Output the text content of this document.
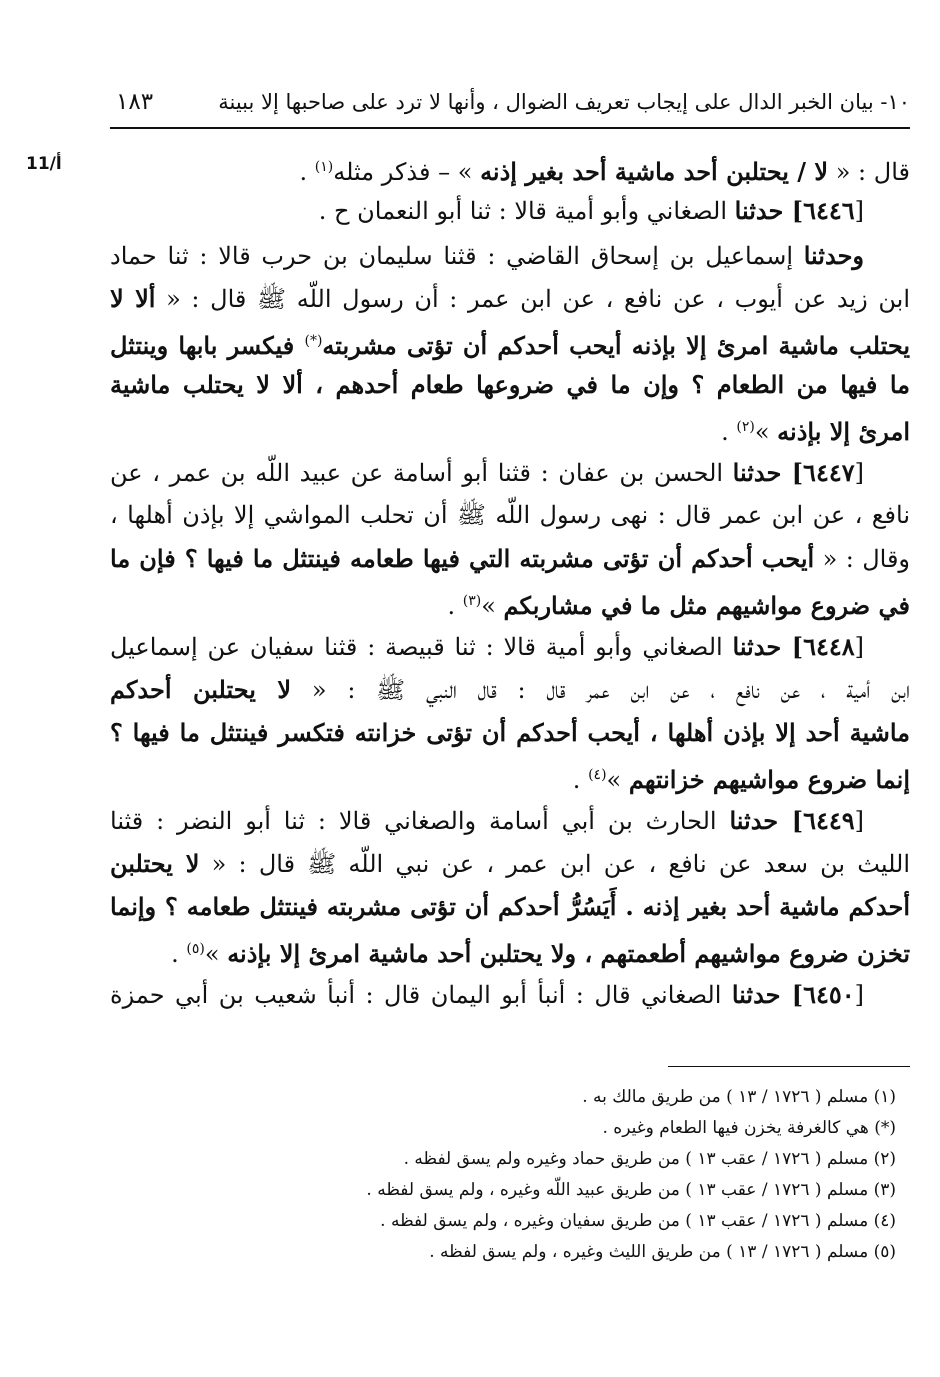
١٠- بيان الخبر الدال على إيجاب تعريف الضوال ، وأنها لا ترد على صاحبها إلا ببينة
١٨٣
أ/11	قال : « لا / يحتلبن أحد ماشية أحد بغير إذنه » – فذكر مثله$^{(١)}$ .
[٦٤٤٦] حدثنا الصغاني وأبو أمية قالا : ثنا أبو النعمان ح .
وحدثنا إسماعيل بن إسحاق القاضي : قثنا سليمان بن حرب قالا : ثنا حماد
ابن زيد عن أيوب ، عن نافع ، عن ابن عمر : أن رسول اللّه ﷺ قال : « ألا لا
يحتلب ماشية امرئ إلا بإذنه أيحب أحدكم أن تؤتى مشربته(*) فيكسر بابها وينتثل
ما فيها من الطعام ؟ وإن ما في ضروعها طعام أحدهم ، ألا لا يحتلب ماشية
امرئ إلا بإذنه »$^{(٢)}$ .
[٦٤٤٧] حدثنا الحسن بن عفان : قثنا أبو أسامة عن عبيد اللّه بن عمر ، عن
نافع ، عن ابن عمر قال : نهى رسول اللّه ﷺ أن تحلب المواشي إلا بإذن أهلها ،
وقال : « أيحب أحدكم أن تؤتى مشربته التي فيها طعامه فينتثل ما فيها ؟ فإن ما
في ضروع مواشيهم مثل ما في مشاربكم »$^{(٣)}$ .
[٦٤٤٨] حدثنا الصغاني وأبو أمية قالا : ثنا قبيصة : قثنا سفيان عن إسماعيل
ابن أمية ، عن نافع ، عن ابن عمر قال : قال النبي ﷺ : « لا يحتلبن أحدكم
ماشية أحد إلا بإذن أهلها ، أيحب أحدكم أن تؤتى خزانته فتكسر فينتثل ما فيها ؟
إنما ضروع مواشيهم خزانتهم »$^{(٤)}$ .
[٦٤٤٩] حدثنا الحارث بن أبي أسامة والصغاني قالا : ثنا أبو النضر : قثنا
الليث بن سعد عن نافع ، عن ابن عمر ، عن نبي اللّه ﷺ قال : « لا يحتلبن
أحدكم ماشية أحد بغير إذنه . أَيَسُرُّ أحدكم أن تؤتى مشربته فينتثل طعامه ؟ وإنما
تخزن ضروع مواشيهم أطعمتهم ، ولا يحتلبن أحد ماشية امرئ إلا بإذنه »$^{(٥)}$ .
[٦٤٥٠] حدثنا الصغاني قال : أنبأ أبو اليمان قال : أنبأ شعيب بن أبي حمزة
(١) مسلم ( ١٧٢٦ / ١٣ ) من طريق مالك به .
(*) هي كالغرفة يخزن فيها الطعام وغيره .
(٢) مسلم ( ١٧٢٦ / عقب ١٣ ) من طريق حماد وغيره ولم يسق لفظه .
(٣) مسلم ( ١٧٢٦ / عقب ١٣ ) من طريق عبيد اللّه وغيره ، ولم يسق لفظه .
(٤) مسلم ( ١٧٢٦ / عقب ١٣ ) من طريق سفيان وغيره ، ولم يسق لفظه .
(٥) مسلم ( ١٧٢٦ / ١٣ ) من طريق الليث وغيره ، ولم يسق لفظه .
